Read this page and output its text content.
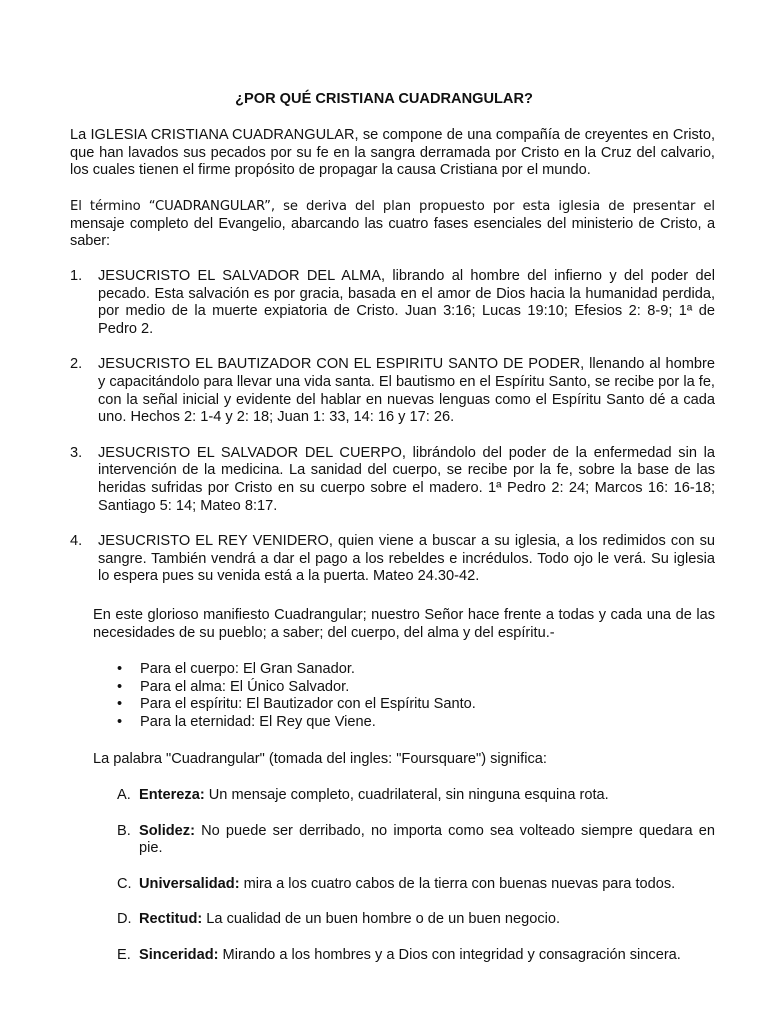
¿POR QUÉ CRISTIANA CUADRANGULAR?

La IGLESIA CRISTIANA CUADRANGULAR, se compone de una compañía de creyentes en Cristo, que han lavados sus pecados por su fe en la sangra derramada por Cristo en la Cruz del calvario, los cuales tienen el firme propósito de propagar la causa Cristiana por el mundo.

El término “CUADRANGULAR”, se deriva del plan propuesto por esta iglesia de presentar el mensaje completo del Evangelio, abarcando las cuatro fases esenciales del ministerio de Cristo, a saber:

1. JESUCRISTO EL SALVADOR DEL ALMA, librando al hombre del infierno y del poder del pecado. Esta salvación es por gracia, basada en el amor de Dios hacia la humanidad perdida, por medio de la muerte expiatoria de Cristo. Juan 3:16; Lucas 19:10; Efesios 2: 8-9; 1ª de Pedro 2.
2. JESUCRISTO EL BAUTIZADOR CON EL ESPIRITU SANTO DE PODER, llenando al hombre y capacitándolo para llevar una vida santa. El bautismo en el Espíritu Santo, se recibe por la fe, con la señal inicial y evidente del hablar en nuevas lenguas como el Espíritu Santo dé a cada uno. Hechos 2: 1-4 y 2: 18; Juan 1: 33, 14: 16 y 17: 26.
3. JESUCRISTO EL SALVADOR DEL CUERPO, librándolo del poder de la enfermedad sin la intervención de la medicina. La sanidad del cuerpo, se recibe por la fe, sobre la base de las heridas sufridas por Cristo en su cuerpo sobre el madero. 1ª Pedro 2: 24; Marcos 16: 16-18; Santiago 5: 14; Mateo 8:17.
4. JESUCRISTO EL REY VENIDERO, quien viene a buscar a su iglesia, a los redimidos con su sangre. También vendrá a dar el pago a los rebeldes e incrédulos. Todo ojo le verá. Su iglesia lo espera pues su venida está a la puerta. Mateo 24.30-42.

En este glorioso manifiesto Cuadrangular; nuestro Señor hace frente a todas y cada una de las necesidades de su pueblo; a saber; del cuerpo, del alma y del espíritu.-

• Para el cuerpo: El Gran Sanador.
• Para el alma: El Único Salvador.
• Para el espíritu: El Bautizador con el Espíritu Santo.
• Para la eternidad: El Rey que Viene.

La palabra "Cuadrangular" (tomada del ingles: "Foursquare") significa:

A. Entereza: Un mensaje completo, cuadrilateral, sin ninguna esquina rota.
B. Solidez: No puede ser derribado, no importa como sea volteado siempre quedara en pie.
C. Universalidad: mira a los cuatro cabos de la tierra con buenas nuevas para todos.
D. Rectitud: La cualidad de un buen hombre o de un buen negocio.
E. Sinceridad: Mirando a los hombres y a Dios con integridad y consagración sincera.
